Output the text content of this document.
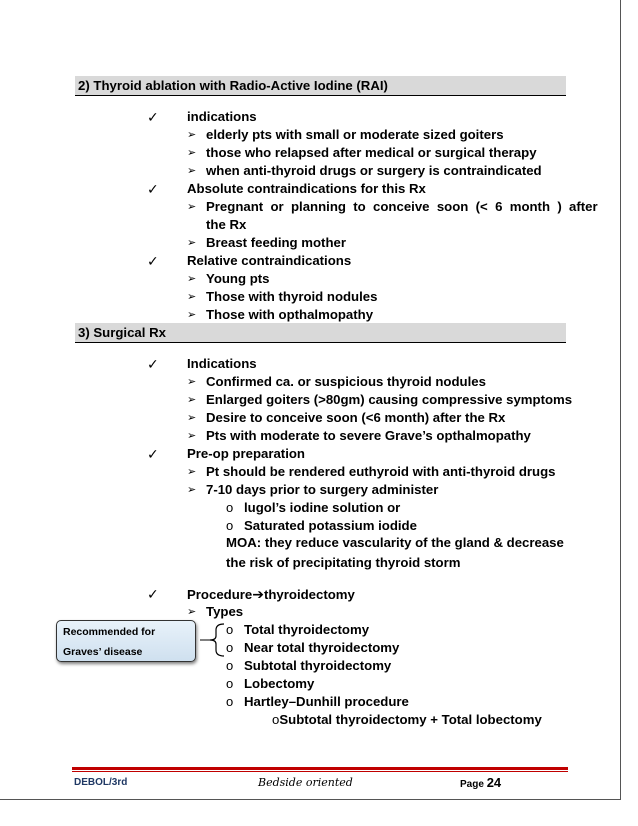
2) Thyroid ablation with Radio-Active Iodine (RAI)
✓ indications
➢ elderly pts with small or moderate sized goiters
➢ those who relapsed after medical or surgical therapy
➢ when anti-thyroid drugs or surgery is contraindicated
✓ Absolute contraindications for this Rx
➢ Pregnant  or  planning  to  conceive  soon  (<  6  month  )  after
the Rx
➢ Breast feeding mother
✓ Relative contraindications
➢ Young pts
➢ Those with thyroid nodules
➢ Those with opthalmopathy
3) Surgical Rx
✓ Indications
➢ Confirmed ca. or suspicious thyroid nodules
➢ Enlarged goiters (>80gm) causing compressive symptoms
➢ Desire to conceive soon (<6 month) after the Rx
➢ Pts with moderate to severe Grave’s opthalmopathy
✓ Pre-op preparation
➢ Pt should be rendered euthyroid with anti-thyroid drugs
➢ 7-10 days prior to surgery administer
o lugol’s iodine solution or
o Saturated potassium iodide
MOA: they reduce vascularity of the gland & decrease
the risk of precipitating thyroid storm
✓ Procedure➔thyroidectomy
➢ Types
o Total thyroidectomy
o Near total thyroidectomy
o Subtotal thyroidectomy
o Lobectomy
o Hartley–Dunhill procedure
oSubtotal thyroidectomy + Total lobectomy
Recommended for Graves’ disease
DEBOL/3rd	Bedside oriented	Page 24
